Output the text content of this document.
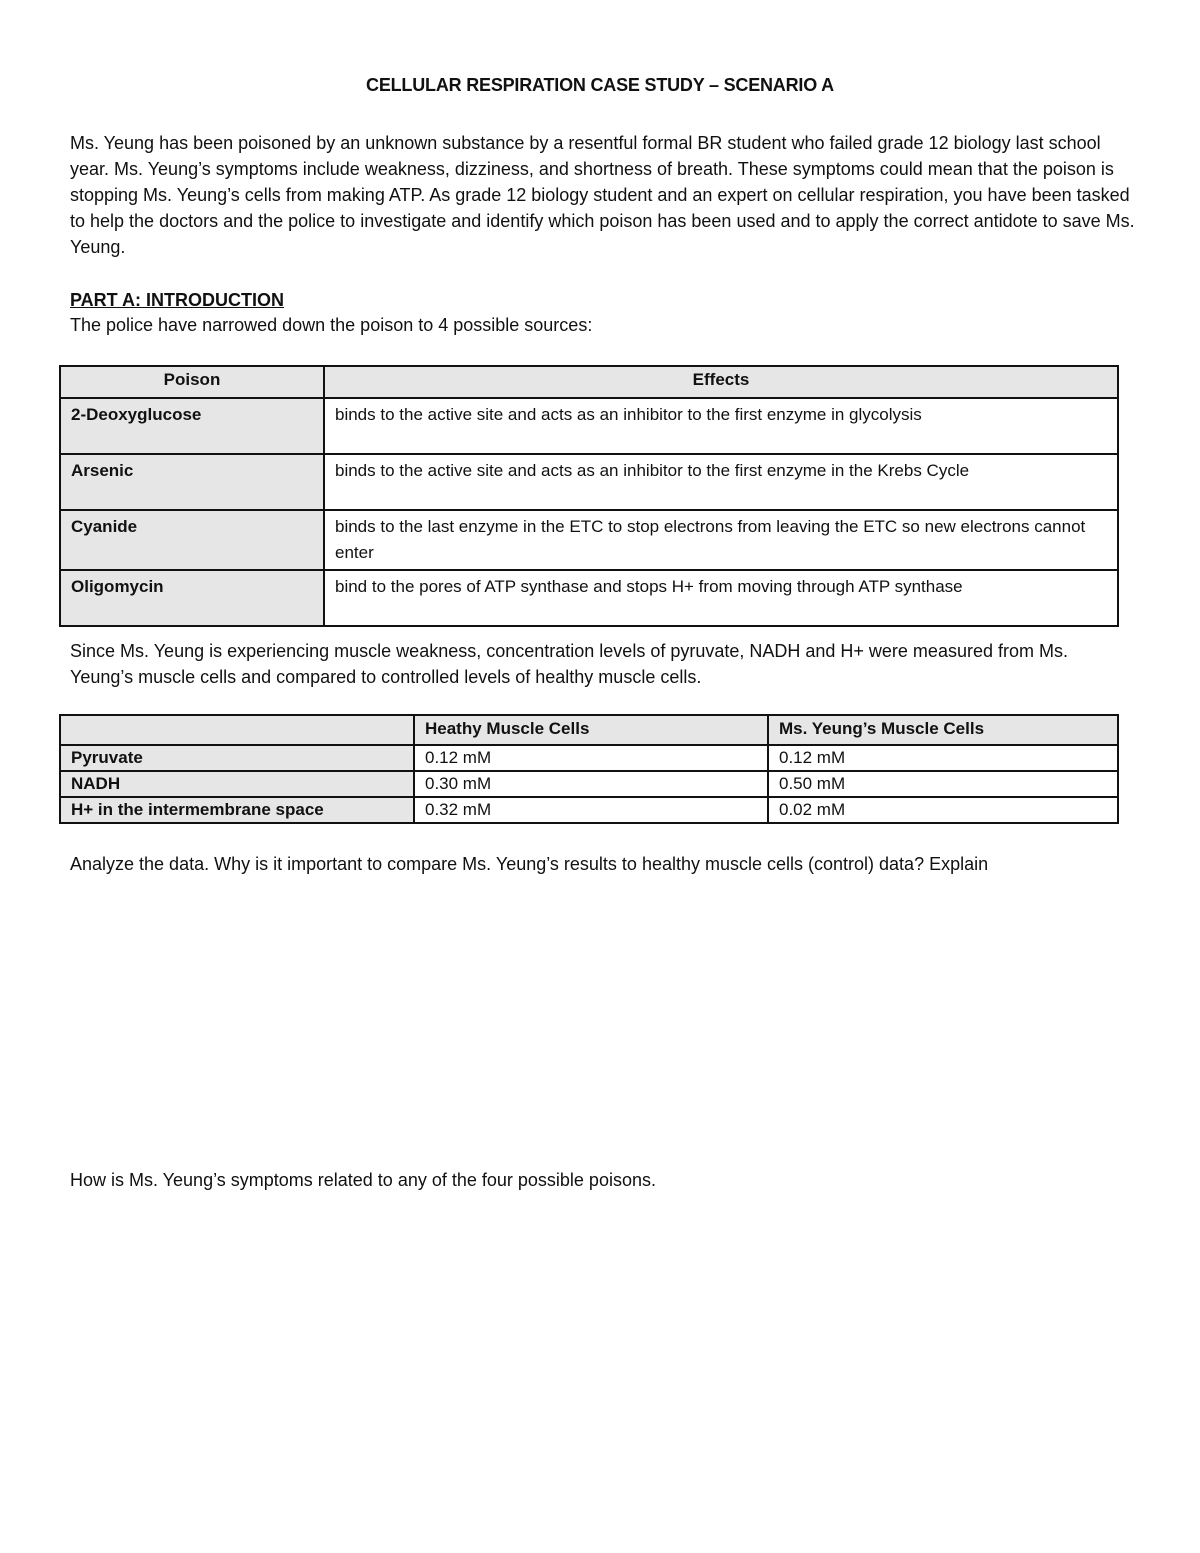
CELLULAR RESPIRATION CASE STUDY – SCENARIO A
Ms. Yeung has been poisoned by an unknown substance by a resentful formal BR student who failed grade 12 biology last school year. Ms. Yeung’s symptoms include weakness, dizziness, and shortness of breath. These symptoms could mean that the poison is stopping Ms. Yeung’s cells from making ATP. As grade 12 biology student and an expert on cellular respiration, you have been tasked to help the doctors and the police to investigate and identify which poison has been used and to apply the correct antidote to save Ms. Yeung.
PART A: INTRODUCTION
The police have narrowed down the poison to 4 possible sources:
Poison	Effects
2-Deoxyglucose	binds to the active site and acts as an inhibitor to the first enzyme in glycolysis
Arsenic	binds to the active site and acts as an inhibitor to the first enzyme in the Krebs Cycle
Cyanide	binds to the last enzyme in the ETC to stop electrons from leaving the ETC so new electrons cannot enter
Oligomycin	bind to the pores of ATP synthase and stops H+ from moving through ATP synthase
Since Ms. Yeung is experiencing muscle weakness, concentration levels of pyruvate, NADH and H+ were measured from Ms. Yeung’s muscle cells and compared to controlled levels of healthy muscle cells.
	Heathy Muscle Cells	Ms. Yeung’s Muscle Cells
Pyruvate	0.12 mM	0.12 mM
NADH	0.30 mM	0.50 mM
H+ in the intermembrane space	0.32 mM	0.02 mM
Analyze the data. Why is it important to compare Ms. Yeung’s results to healthy muscle cells (control) data? Explain
How is Ms. Yeung’s symptoms related to any of the four possible poisons.
